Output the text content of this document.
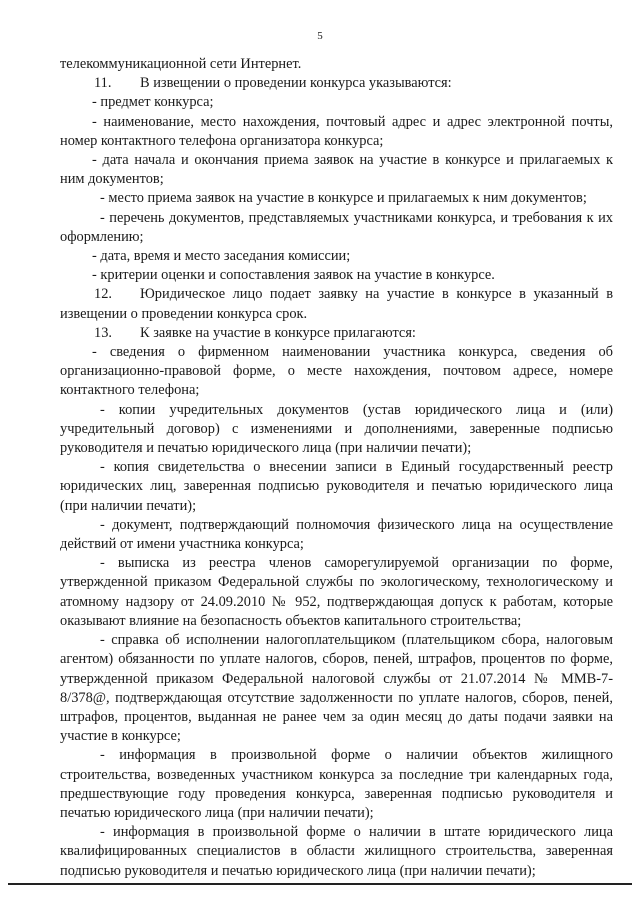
5

телекоммуникационной сети Интернет.

11. В извещении о проведении конкурса указываются:

- предмет конкурса;

- наименование, место нахождения, почтовый адрес и адрес электронной почты, номер контактного телефона организатора конкурса;

- дата начала и окончания приема заявок на участие в конкурсе и прилагаемых к ним документов;

- место приема заявок на участие в конкурсе и прилагаемых к ним документов;

- перечень документов, представляемых участниками конкурса, и требования к их оформлению;

- дата, время и место заседания комиссии;

- критерии оценки и сопоставления заявок на участие в конкурсе.

12. Юридическое лицо подает заявку на участие в конкурсе в указанный в извещении о проведении конкурса срок.

13. К заявке на участие в конкурсе прилагаются:

- сведения о фирменном наименовании участника конкурса, сведения об организационно-правовой форме, о месте нахождения, почтовом адресе, номере контактного телефона;

- копии учредительных документов (устав юридического лица и (или) учредительный договор) с изменениями и дополнениями, заверенные подписью руководителя и печатью юридического лица (при наличии печати);

- копия свидетельства о внесении записи в Единый государственный реестр юридических лиц, заверенная подписью руководителя и печатью юридического лица (при наличии печати);

- документ, подтверждающий полномочия физического лица на осуществление действий от имени участника конкурса;

- выписка из реестра членов саморегулируемой организации по форме, утвержденной приказом Федеральной службы по экологическому, технологическому и атомному надзору от 24.09.2010 № 952, подтверждающая допуск к работам, которые оказывают влияние на безопасность объектов капитального строительства;

- справка об исполнении налогоплательщиком (плательщиком сбора, налоговым агентом) обязанности по уплате налогов, сборов, пеней, штрафов, процентов по форме, утвержденной приказом Федеральной налоговой службы от 21.07.2014 № ММВ-7-8/378@, подтверждающая отсутствие задолженности по уплате налогов, сборов, пеней, штрафов, процентов, выданная не ранее чем за один месяц до даты подачи заявки на участие в конкурсе;

- информация в произвольной форме о наличии объектов жилищного строительства, возведенных участником конкурса за последние три календарных года, предшествующие году проведения конкурса, заверенная подписью руководителя и печатью юридического лица (при наличии печати);

- информация в произвольной форме о наличии в штате юридического лица квалифицированных специалистов в области жилищного строительства, заверенная подписью руководителя и печатью юридического лица (при наличии печати);
